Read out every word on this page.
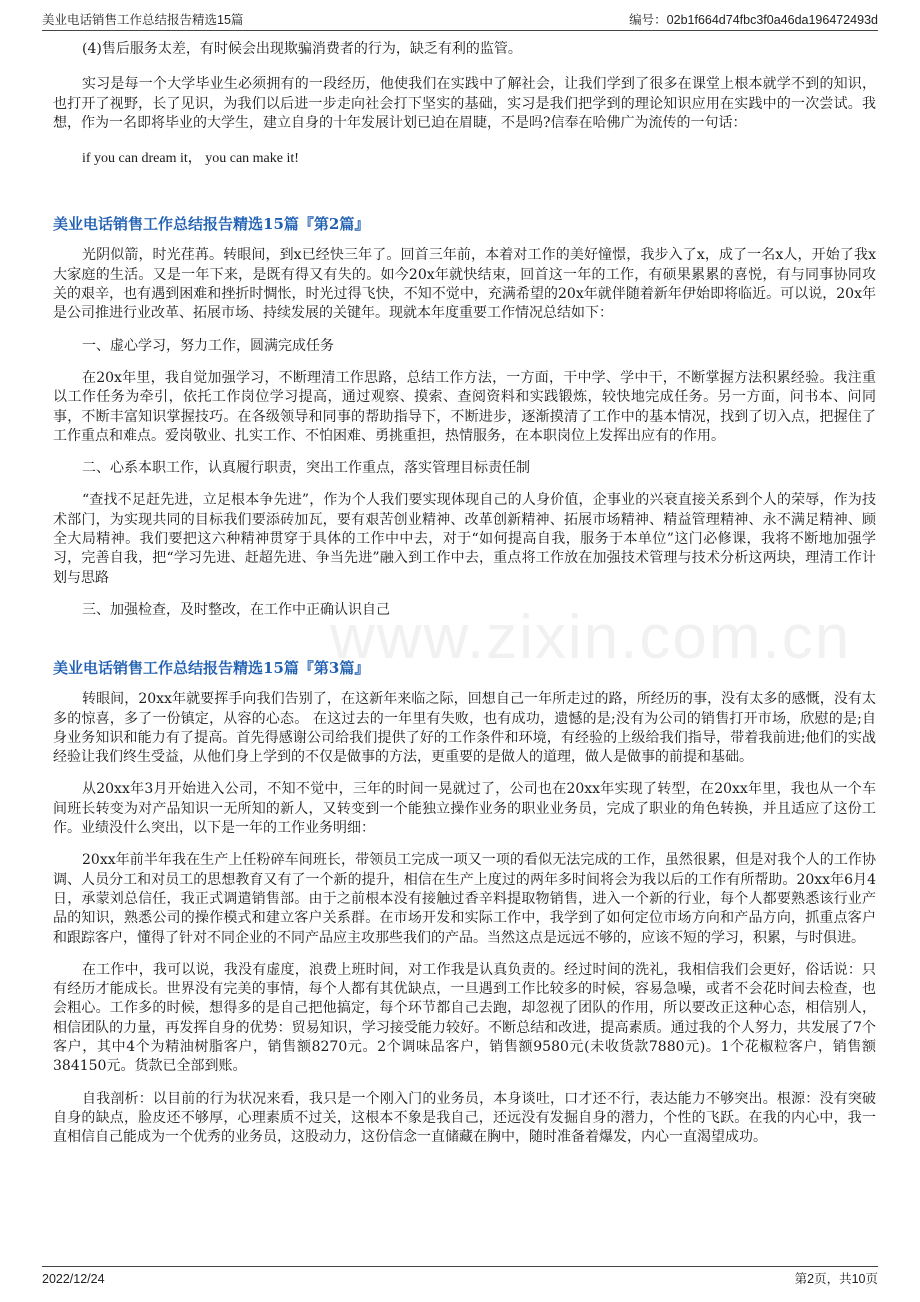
美业电话销售工作总结报告精选15篇	编号：02b1f664d74fbc3f0a46da196472493d
www.zixin.com.cn

(4)售后服务太差，有时候会出现欺骗消费者的行为，缺乏有利的监管。

实习是每一个大学毕业生必须拥有的一段经历，他使我们在实践中了解社会，让我们学到了很多在课堂上根本就学不到的知识，也打开了视野，长了见识，为我们以后进一步走向社会打下坚实的基础，实习是我们把学到的理论知识应用在实践中的一次尝试。我想，作为一名即将毕业的大学生，建立自身的十年发展计划已迫在眉睫，不是吗?信奉在哈佛广为流传的一句话：

if you can dream it， you can make it!

美业电话销售工作总结报告精选15篇『第2篇』

光阴似箭，时光荏苒。转眼间，到x已经快三年了。回首三年前，本着对工作的美好憧憬，我步入了x，成了一名x人，开始了我x大家庭的生活。又是一年下来，是既有得又有失的。如今20x年就快结束，回首这一年的工作，有硕果累累的喜悦，有与同事协同攻关的艰辛，也有遇到困难和挫折时惆怅，时光过得飞快，不知不觉中，充满希望的20x年就伴随着新年伊始即将临近。可以说，20x年是公司推进行业改革、拓展市场、持续发展的关键年。现就本年度重要工作情况总结如下：

一、虚心学习，努力工作，圆满完成任务

在20x年里，我自觉加强学习，不断理清工作思路，总结工作方法，一方面，干中学、学中干，不断掌握方法积累经验。我注重以工作任务为牵引，依托工作岗位学习提高，通过观察、摸索、查阅资料和实践锻炼，较快地完成任务。另一方面，问书本、问同事，不断丰富知识掌握技巧。在各级领导和同事的帮助指导下，不断进步，逐渐摸清了工作中的基本情况，找到了切入点，把握住了工作重点和难点。爱岗敬业、扎实工作、不怕困难、勇挑重担，热情服务，在本职岗位上发挥出应有的作用。

二、心系本职工作，认真履行职责，突出工作重点，落实管理目标责任制

“查找不足赶先进，立足根本争先进”，作为个人我们要实现体现自己的人身价值，企事业的兴衰直接关系到个人的荣辱，作为技术部门，为实现共同的目标我们要添砖加瓦，要有艰苦创业精神、改革创新精神、拓展市场精神、精益管理精神、永不满足精神、顾全大局精神。我们要把这六种精神贯穿于具体的工作中中去，对于“如何提高自我，服务于本单位”这门必修课，我将不断地加强学习，完善自我，把“学习先进、赶超先进、争当先进”融入到工作中去，重点将工作放在加强技术管理与技术分析这两块，理清工作计划与思路

三、加强检查，及时整改，在工作中正确认识自己

美业电话销售工作总结报告精选15篇『第3篇』

转眼间，20xx年就要挥手向我们告别了，在这新年来临之际，回想自己一年所走过的路，所经历的事，没有太多的感慨，没有太多的惊喜，多了一份镇定，从容的心态。 在这过去的一年里有失败，也有成功，遗憾的是;没有为公司的销售打开市场，欣慰的是;自身业务知识和能力有了提高。首先得感谢公司给我们提供了好的工作条件和环境，有经验的上级给我们指导，带着我前进;他们的实战经验让我们终生受益，从他们身上学到的不仅是做事的方法，更重要的是做人的道理，做人是做事的前提和基础。

从20xx年3月开始进入公司，不知不觉中，三年的时间一晃就过了，公司也在20xx年实现了转型，在20xx年里，我也从一个车间班长转变为对产品知识一无所知的新人，又转变到一个能独立操作业务的职业业务员，完成了职业的角色转换，并且适应了这份工作。业绩没什么突出，以下是一年的工作业务明细：

20xx年前半年我在生产上任粉碎车间班长，带领员工完成一项又一项的看似无法完成的工作，虽然很累，但是对我个人的工作协调、人员分工和对员工的思想教育又有了一个新的提升，相信在生产上度过的两年多时间将会为我以后的工作有所帮助。20xx年6月4日，承蒙刘总信任，我正式调遣销售部。由于之前根本没有接触过香辛料提取物销售，进入一个新的行业，每个人都要熟悉该行业产品的知识，熟悉公司的操作模式和建立客户关系群。在市场开发和实际工作中，我学到了如何定位市场方向和产品方向，抓重点客户和跟踪客户，懂得了针对不同企业的不同产品应主攻那些我们的产品。当然这点是远远不够的，应该不短的学习，积累，与时俱进。

在工作中，我可以说，我没有虚度，浪费上班时间，对工作我是认真负责的。经过时间的洗礼，我相信我们会更好，俗话说：只有经历才能成长。世界没有完美的事情，每个人都有其优缺点，一旦遇到工作比较多的时候，容易急噪，或者不会花时间去检查，也会粗心。工作多的时候，想得多的是自己把他搞定，每个环节都自己去跑，却忽视了团队的作用，所以要改正这种心态，相信别人，相信团队的力量，再发挥自身的优势：贸易知识，学习接受能力较好。不断总结和改进，提高素质。通过我的个人努力，共发展了7个客户，其中4个为精油树脂客户，销售额8270元。2个调味品客户，销售额9580元(未收货款7880元)。1个花椒粒客户，销售额384150元。货款已全部到账。

自我剖析：以目前的行为状况来看，我只是一个刚入门的业务员，本身谈吐，口才还不行，表达能力不够突出。根源：没有突破自身的缺点，脸皮还不够厚，心理素质不过关，这根本不象是我自己，还远没有发掘自身的潜力，个性的飞跃。在我的内心中，我一直相信自己能成为一个优秀的业务员，这股动力，这份信念一直储藏在胸中，随时准备着爆发，内心一直渴望成功。

2022/12/24	第2页，共10页
